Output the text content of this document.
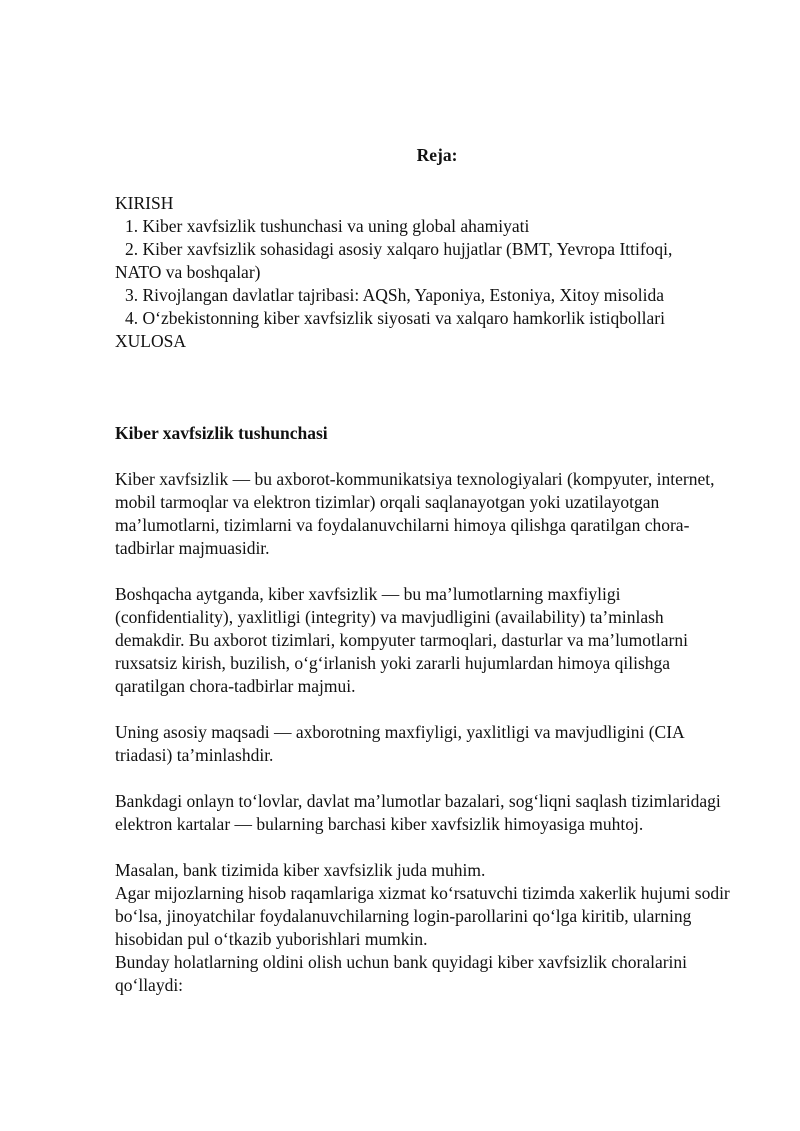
Reja:

KIRISH

1. Kiber xavfsizlik tushunchasi va uning global ahamiyati

2. Kiber xavfsizlik sohasidagi asosiy xalqaro hujjatlar (BMT, Yevropa Ittifoqi,
NATO va boshqalar)

3. Rivojlangan davlatlar tajribasi: AQSh, Yaponiya, Estoniya, Xitoy misolida

4. O‘zbekistonning kiber xavfsizlik siyosati va xalqaro hamkorlik istiqbollari

XULOSA

Kiber xavfsizlik tushunchasi

Kiber xavfsizlik — bu axborot-kommunikatsiya texnologiyalari (kompyuter, internet, mobil tarmoqlar va elektron tizimlar) orqali saqlanayotgan yoki uzatilayotgan ma’lumotlarni, tizimlarni va foydalanuvchilarni himoya qilishga qaratilgan chora-tadbirlar majmuasidir.

Boshqacha aytganda, kiber xavfsizlik — bu ma’lumotlarning maxfiyligi (confidentiality), yaxlitligi (integrity) va mavjudligini (availability) ta’minlash demakdir. Bu axborot tizimlari, kompyuter tarmoqlari, dasturlar va ma’lumotlarni ruxsatsiz kirish, buzilish, o‘g‘irlanish yoki zararli hujumlardan himoya qilishga qaratilgan chora-tadbirlar majmui.

Uning asosiy maqsadi — axborotning maxfiyligi, yaxlitligi va mavjudligini (CIA triadasi) ta’minlashdir.

Bankdagi onlayn to‘lovlar, davlat ma’lumotlar bazalari, sog‘liqni saqlash tizimlaridagi elektron kartalar — bularning barchasi kiber xavfsizlik himoyasiga muhtoj.

Masalan, bank tizimida kiber xavfsizlik juda muhim.

Agar mijozlarning hisob raqamlariga xizmat ko‘rsatuvchi tizimda xakerlik hujumi sodir bo‘lsa, jinoyatchilar foydalanuvchilarning login-parollarini qo‘lga kiritib, ularning hisobidan pul o‘tkazib yuborishlari mumkin.

Bunday holatlarning oldini olish uchun bank quyidagi kiber xavfsizlik choralarini qo‘llaydi:
